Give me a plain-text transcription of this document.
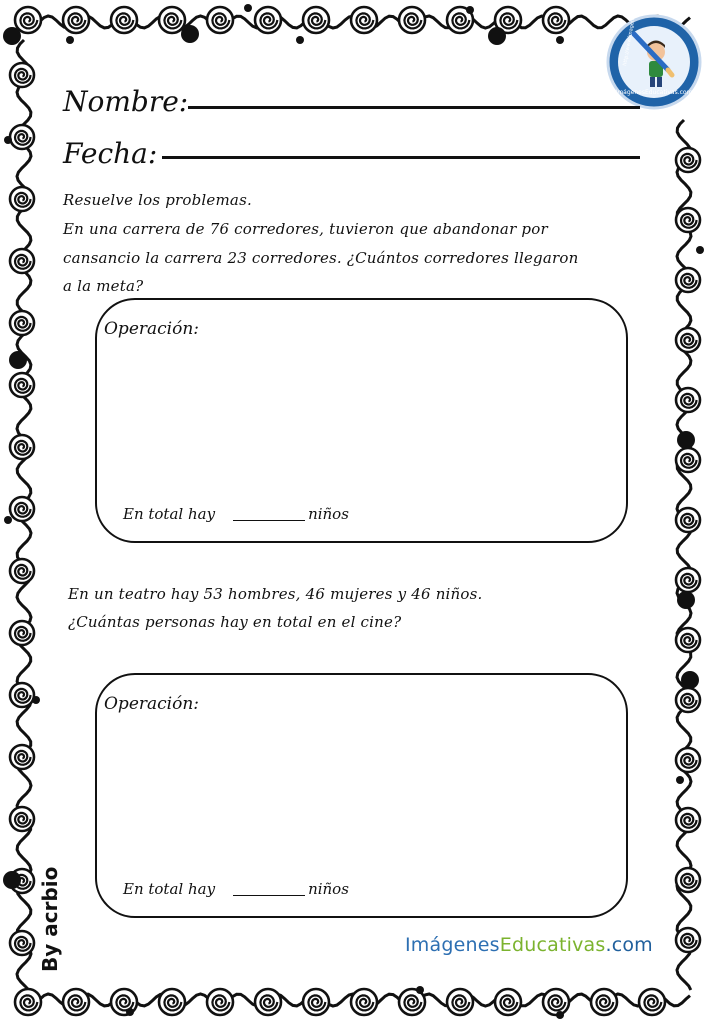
ImágenesEducativas.com
Nombre:
Fecha:
Resuelve los problemas.
En una carrera de 76 corredores, tuvieron que abandonar por
cansancio la carrera 23 corredores. ¿Cuántos corredores llegaron
a la meta?
Operación:
En total hay	niños
En un teatro hay 53 hombres, 46 mujeres y 46 niños.
¿Cuántas personas hay en total en el cine?
Operación:
En total hay	niños
By acrbio	ImágenesEducativas.com
